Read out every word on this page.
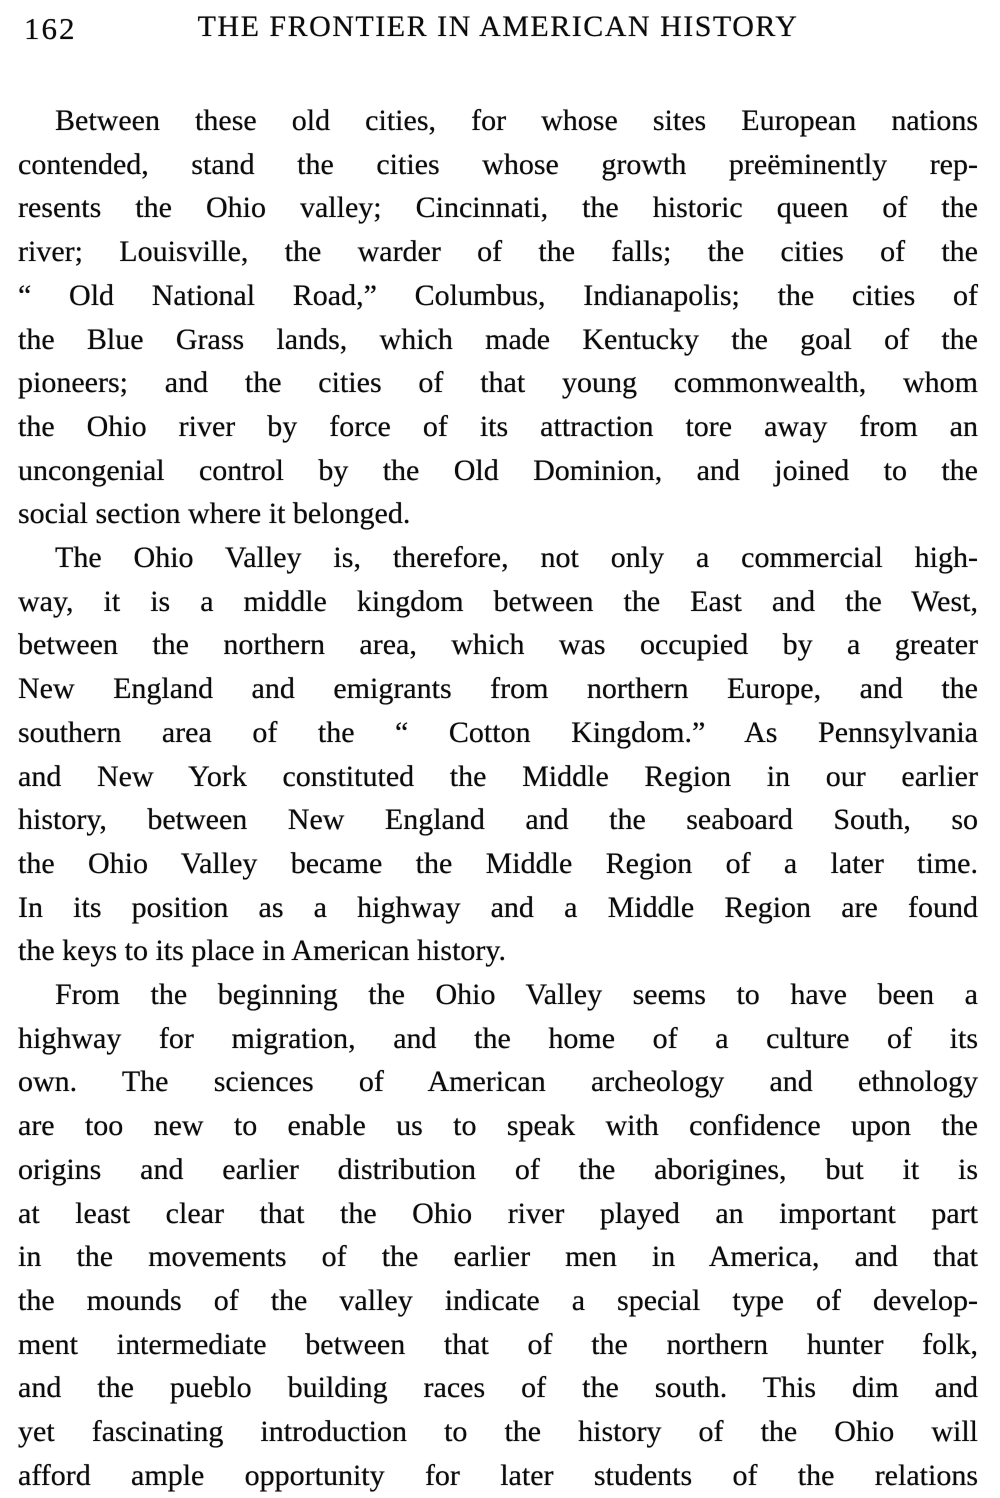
162	THE FRONTIER IN AMERICAN HISTORY
Between these old cities, for whose sites European nations
contended, stand the cities whose growth preëminently rep-
resents the Ohio valley; Cincinnati, the historic queen of the
river; Louisville, the warder of the falls; the cities of the
“ Old National Road,” Columbus, Indianapolis; the cities of
the Blue Grass lands, which made Kentucky the goal of the
pioneers; and the cities of that young commonwealth, whom
the Ohio river by force of its attraction tore away from an
uncongenial control by the Old Dominion, and joined to the
social section where it belonged.
The Ohio Valley is, therefore, not only a commercial high-
way, it is a middle kingdom between the East and the West,
between the northern area, which was occupied by a greater
New England and emigrants from northern Europe, and the
southern area of the “ Cotton Kingdom.” As Pennsylvania
and New York constituted the Middle Region in our earlier
history, between New England and the seaboard South, so
the Ohio Valley became the Middle Region of a later time.
In its position as a highway and a Middle Region are found
the keys to its place in American history.
From the beginning the Ohio Valley seems to have been a
highway for migration, and the home of a culture of its
own. The sciences of American archeology and ethnology
are too new to enable us to speak with confidence upon the
origins and earlier distribution of the aborigines, but it is
at least clear that the Ohio river played an important part
in the movements of the earlier men in America, and that
the mounds of the valley indicate a special type of develop-
ment intermediate between that of the northern hunter folk,
and the pueblo building races of the south. This dim and
yet fascinating introduction to the history of the Ohio will
afford ample opportunity for later students of the relations
